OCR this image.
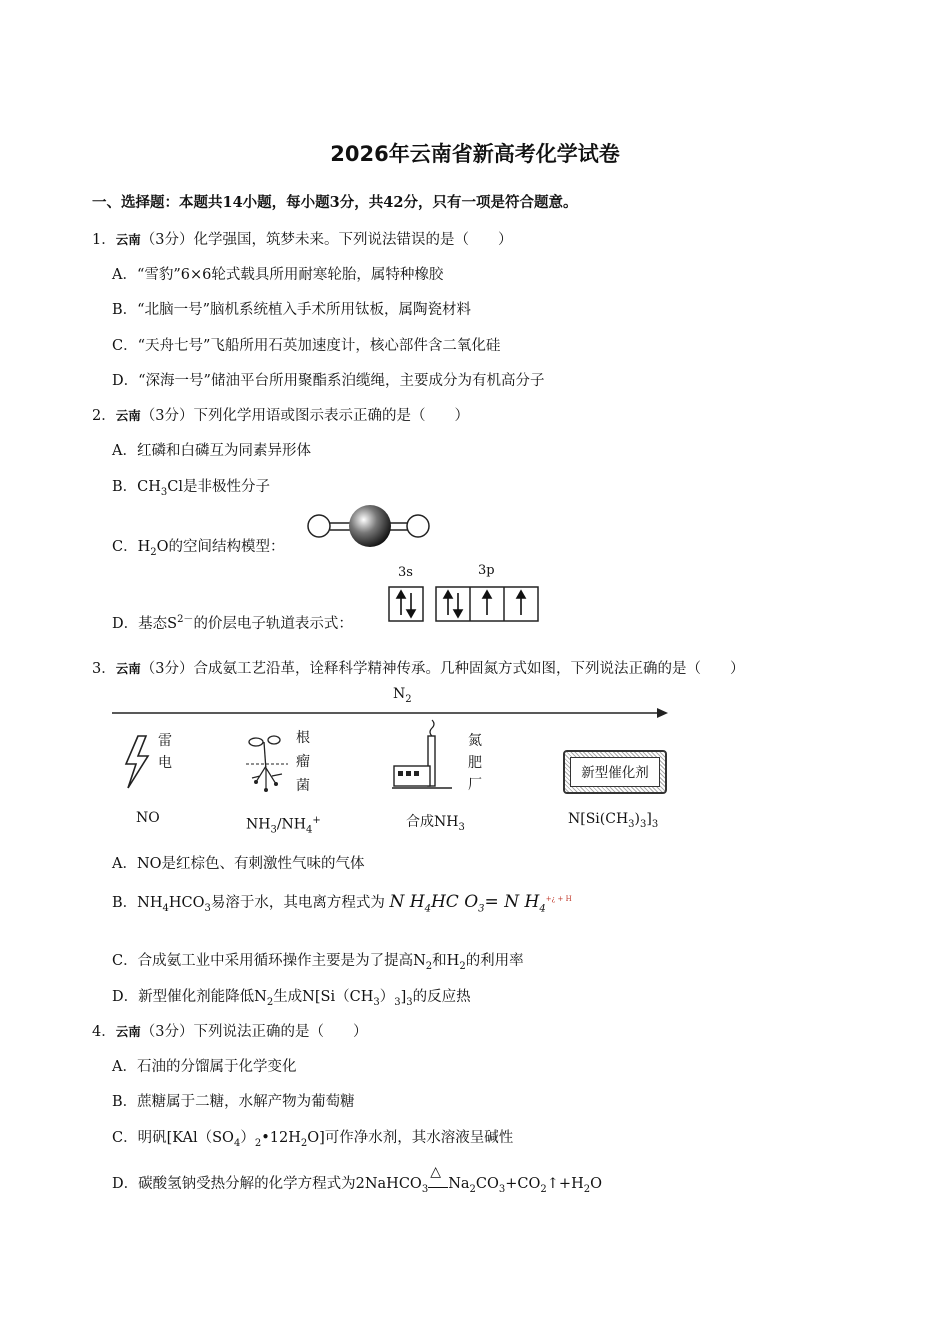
2026年云南省新高考化学试卷
一、选择题：本题共14小题，每小题3分，共42分，只有一项是符合题意。
1．云南（3分）化学强国，筑梦未来。下列说法错误的是（　　）
A．“雪豹”6×6轮式载具所用耐寒轮胎，属特种橡胶
B．“北脑一号”脑机系统植入手术所用钛板，属陶瓷材料
C．“天舟七号”飞船所用石英加速度计，核心部件含二氧化硅
D．“深海一号”储油平台所用聚酯系泊缆绳，主要成分为有机高分子
2．云南（3分）下列化学用语或图示表示正确的是（　　）
A．红磷和白磷互为同素异形体
B．$CH_3Cl$是非极性分子
C．$H_2O$的空间结构模型：
D．基态$S^{2-}$的价层电子轨道表示式：
3s	3p
3．云南（3分）合成氨工艺沿革，诠释科学精神传承。几种固氮方式如图，下列说法正确的是（　　）
$N_2$
雷
电
根
瘤
菌
氮
肥
厂
新型催化剂
NO	$NH_3/NH_4^+$	合成$NH_3$
$N[Si(CH_3)_3]_3$
A．NO是红棕色、有刺激性气味的气体
B．$NH_4HCO_3$易溶于水，其电离方程式为 N $H_4HC$ $O_3= N$ $H_4^{+¿ + H}$
C．合成氨工业中采用循环操作主要是为了提高$N_2$和$H_2$的利用率
D．新型催化剂能降低$N_2$生成$N[Si(CH_3)_3]_3$的反应热
4．云南（3分）下列说法正确的是（　　）
A．石油的分馏属于化学变化
B．蔗糖属于二糖，水解产物为葡萄糖
C．明矾$[KAl(SO_4)_2•12H_2O]$可作净水剂，其水溶液呈碱性
D．碳酸氢钠受热分解的化学方程式为2NaHCO$_3$
△
$Na_2CO_3+CO_2↑+H_2O$
